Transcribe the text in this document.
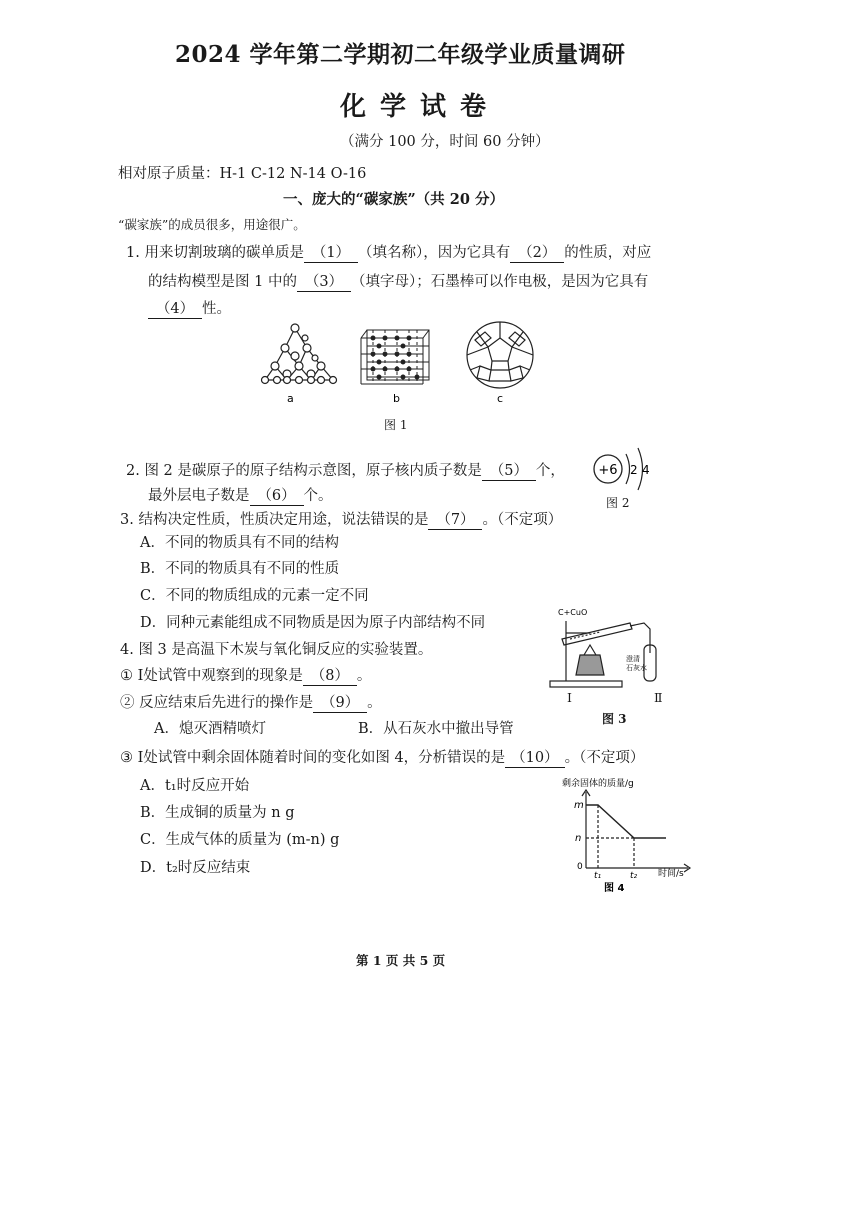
2024 学年第二学期初二年级学业质量调研
化学试卷
（满分 100 分，时间 60 分钟）
相对原子质量：H-1 C-12 N-14 O-16
一、庞大的“碳家族”（共 20 分）
“碳家族”的成员很多，用途很广。
1. 用来切割玻璃的碳单质是 （1） （填名称），因为它具有 （2） 的性质，对应
的结构模型是图 1 中的 （3） （填字母）；石墨棒可以作电极，是因为它具有
（4） 性。
a	b	c
图 1
2. 图 2 是碳原子的原子结构示意图，原子核内质子数是 （5） 个，
最外层电子数是 （6） 个。
+6 2 4
图 2
3. 结构决定性质，性质决定用途，说法错误的是 （7） 。（不定项）
A．不同的物质具有不同的结构
B．不同的物质具有不同的性质
C．不同的物质组成的元素一定不同
D．同种元素能组成不同物质是因为原子内部结构不同
C+CuO
澄清
石灰水
Ⅰ	Ⅱ
图 3
4. 图 3 是高温下木炭与氧化铜反应的实验装置。
① Ⅰ处试管中观察到的现象是 （8） 。
② 反应结束后先进行的操作是 （9） 。
A．熄灭酒精喷灯	B．从石灰水中撤出导管
③ Ⅰ处试管中剩余固体随着时间的变化如图 4，分析错误的是 （10） 。（不定项）
A．t₁时反应开始
B．生成铜的质量为 n g
C．生成气体的质量为 (m-n) g
D．t₂时反应结束
剩余固体的质量/g
m
n
0
t₁	t₂ 时间/s
图 4
第 1 页 共 5 页
